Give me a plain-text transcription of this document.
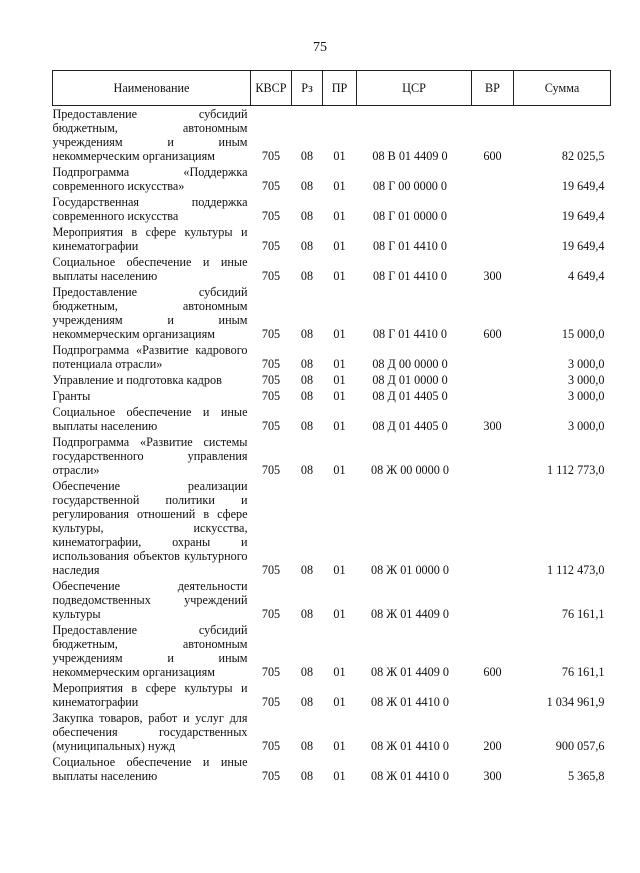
75
Наименование	КВСР	Рз	ПР	ЦСР	ВР	Сумма
Предоставление субсидий бюджетным, автономным учреждениям и иным некоммерческим организациям	705	08	01	08 В 01 4409 0	600	82 025,5
Подпрограмма «Поддержка современного искусства»	705	08	01	08 Г 00 0000 0		19 649,4
Государственная поддержка современного искусства	705	08	01	08 Г 01 0000 0		19 649,4
Мероприятия в сфере культуры и кинематографии	705	08	01	08 Г 01 4410 0		19 649,4
Социальное обеспечение и иные выплаты населению	705	08	01	08 Г 01 4410 0	300	4 649,4
Предоставление субсидий бюджетным, автономным учреждениям и иным некоммерческим организациям	705	08	01	08 Г 01 4410 0	600	15 000,0
Подпрограмма «Развитие кадрового потенциала отрасли»	705	08	01	08 Д 00 0000 0		3 000,0
Управление и подготовка кадров	705	08	01	08 Д 01 0000 0		3 000,0
Гранты	705	08	01	08 Д 01 4405 0		3 000,0
Социальное обеспечение и иные выплаты населению	705	08	01	08 Д 01 4405 0	300	3 000,0
Подпрограмма «Развитие системы государственного управления отрасли»	705	08	01	08 Ж 00 0000 0		1 112 773,0
Обеспечение реализации государственной политики и регулирования отношений в сфере культуры, искусства, кинематографии, охраны и использования объектов культурного наследия	705	08	01	08 Ж 01 0000 0		1 112 473,0
Обеспечение деятельности подведомственных учреждений культуры	705	08	01	08 Ж 01 4409 0		76 161,1
Предоставление субсидий бюджетным, автономным учреждениям и иным некоммерческим организациям	705	08	01	08 Ж 01 4409 0	600	76 161,1
Мероприятия в сфере культуры и кинематографии	705	08	01	08 Ж 01 4410 0		1 034 961,9
Закупка товаров, работ и услуг для обеспечения государственных (муниципальных) нужд	705	08	01	08 Ж 01 4410 0	200	900 057,6
Социальное обеспечение и иные выплаты населению	705	08	01	08 Ж 01 4410 0	300	5 365,8
